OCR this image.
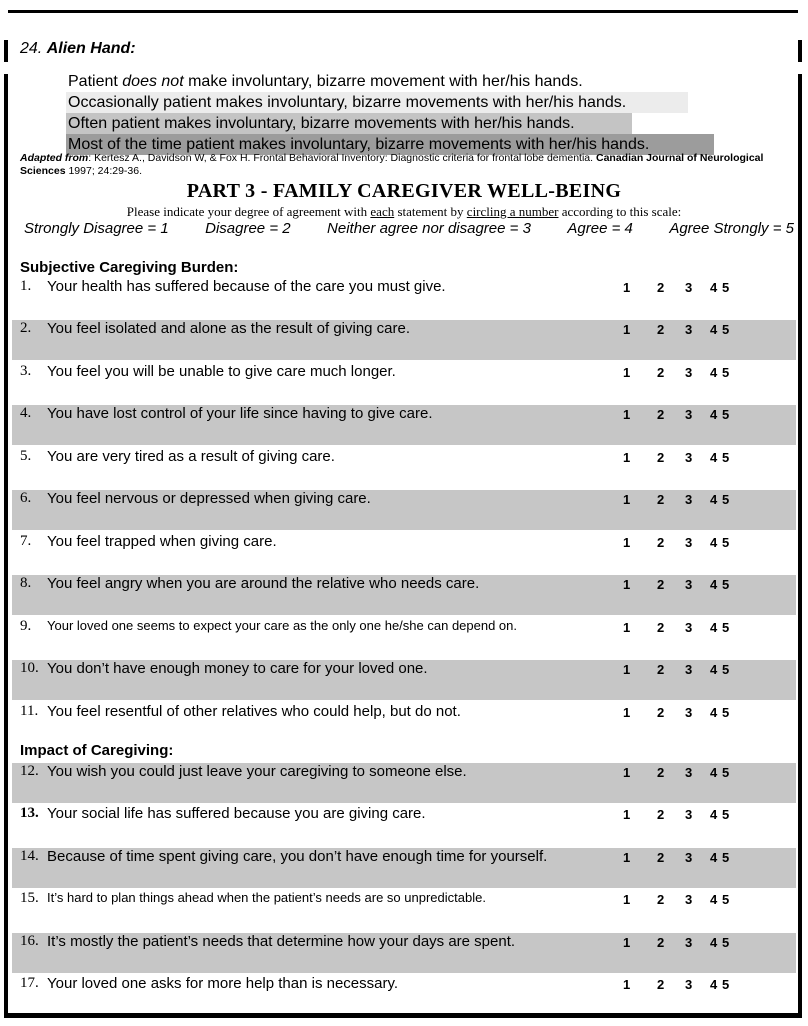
24. Alien Hand:
Patient does not make involuntary, bizarre movement with her/his hands.
Occasionally patient makes involuntary, bizarre movements with her/his hands.
Often patient makes involuntary, bizarre movements with her/his hands.
Most of the time patient makes involuntary, bizarre movements with her/his hands.
Adapted from: Kertesz A., Davidson W, & Fox H. Frontal Behavioral Inventory: Diagnostic criteria for frontal lobe dementia. Canadian Journal of Neurological Sciences 1997; 24:29-36.
PART 3 - FAMILY CAREGIVER WELL-BEING
Please indicate your degree of agreement with each statement by circling a number according to this scale:
Strongly Disagree = 1 Disagree = 2 Neither agree nor disagree = 3 Agree = 4 Agree Strongly = 5
Subjective Caregiving Burden:
Impact of Caregiving:
1. Your health has suffered because of the care you must give.	1 2 3 4 5
2. You feel isolated and alone as the result of giving care.	1 2 3 4 5
3. You feel you will be unable to give care much longer.	1 2 3 4 5
4. You have lost control of your life since having to give care.	1 2 3 4 5
5. You are very tired as a result of giving care.	1 2 3 4 5
6. You feel nervous or depressed when giving care.	1 2 3 4 5
7. You feel trapped when giving care.	1 2 3 4 5
8. You feel angry when you are around the relative who needs care.	1 2 3 4 5
9. Your loved one seems to expect your care as the only one he/she can depend on.	1 2 3 4 5
10. You don’t have enough money to care for your loved one.	1 2 3 4 5
11. You feel resentful of other relatives who could help, but do not.	1 2 3 4 5
12. You wish you could just leave your caregiving to someone else.	1 2 3 4 5
13. Your social life has suffered because you are giving care.	1 2 3 4 5
14. Because of time spent giving care, you don’t have enough time for yourself.	1 2 3 4 5
15. It’s hard to plan things ahead when the patient’s needs are so unpredictable.	1 2 3 4 5
16. It’s mostly the patient’s needs that determine how your days are spent.	1 2 3 4 5
17. Your loved one asks for more help than is necessary.	1 2 3 4 5
